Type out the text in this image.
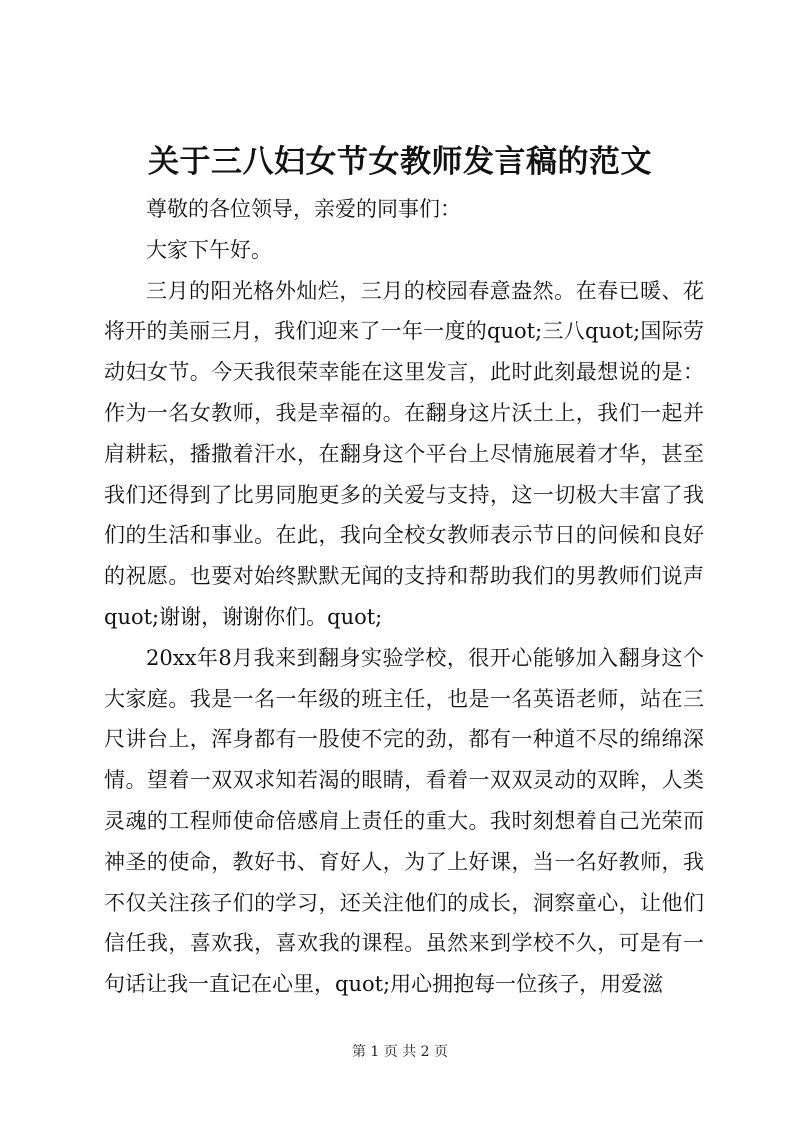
关于三八妇女节女教师发言稿的范文

尊敬的各位领导，亲爱的同事们：

大家下午好。

三月的阳光格外灿烂，三月的校园春意盎然。在春已暖、花将开的美丽三月，我们迎来了一年一度的quot;三八quot;国际劳动妇女节。今天我很荣幸能在这里发言，此时此刻最想说的是：作为一名女教师，我是幸福的。在翻身这片沃土上，我们一起并肩耕耘，播撒着汗水，在翻身这个平台上尽情施展着才华，甚至我们还得到了比男同胞更多的关爱与支持，这一切极大丰富了我们的生活和事业。在此，我向全校女教师表示节日的问候和良好的祝愿。也要对始终默默无闻的支持和帮助我们的男教师们说声quot;谢谢，谢谢你们。quot;

20xx年8月我来到翻身实验学校，很开心能够加入翻身这个大家庭。我是一名一年级的班主任，也是一名英语老师，站在三尺讲台上，浑身都有一股使不完的劲，都有一种道不尽的绵绵深情。望着一双双求知若渴的眼睛，看着一双双灵动的双眸，人类灵魂的工程师使命倍感肩上责任的重大。我时刻想着自己光荣而神圣的使命，教好书、育好人，为了上好课，当一名好教师，我不仅关注孩子们的学习，还关注他们的成长，洞察童心，让他们信任我，喜欢我，喜欢我的课程。虽然来到学校不久，可是有一句话让我一直记在心里，quot;用心拥抱每一位孩子，用爱滋

第 1 页 共 2 页
